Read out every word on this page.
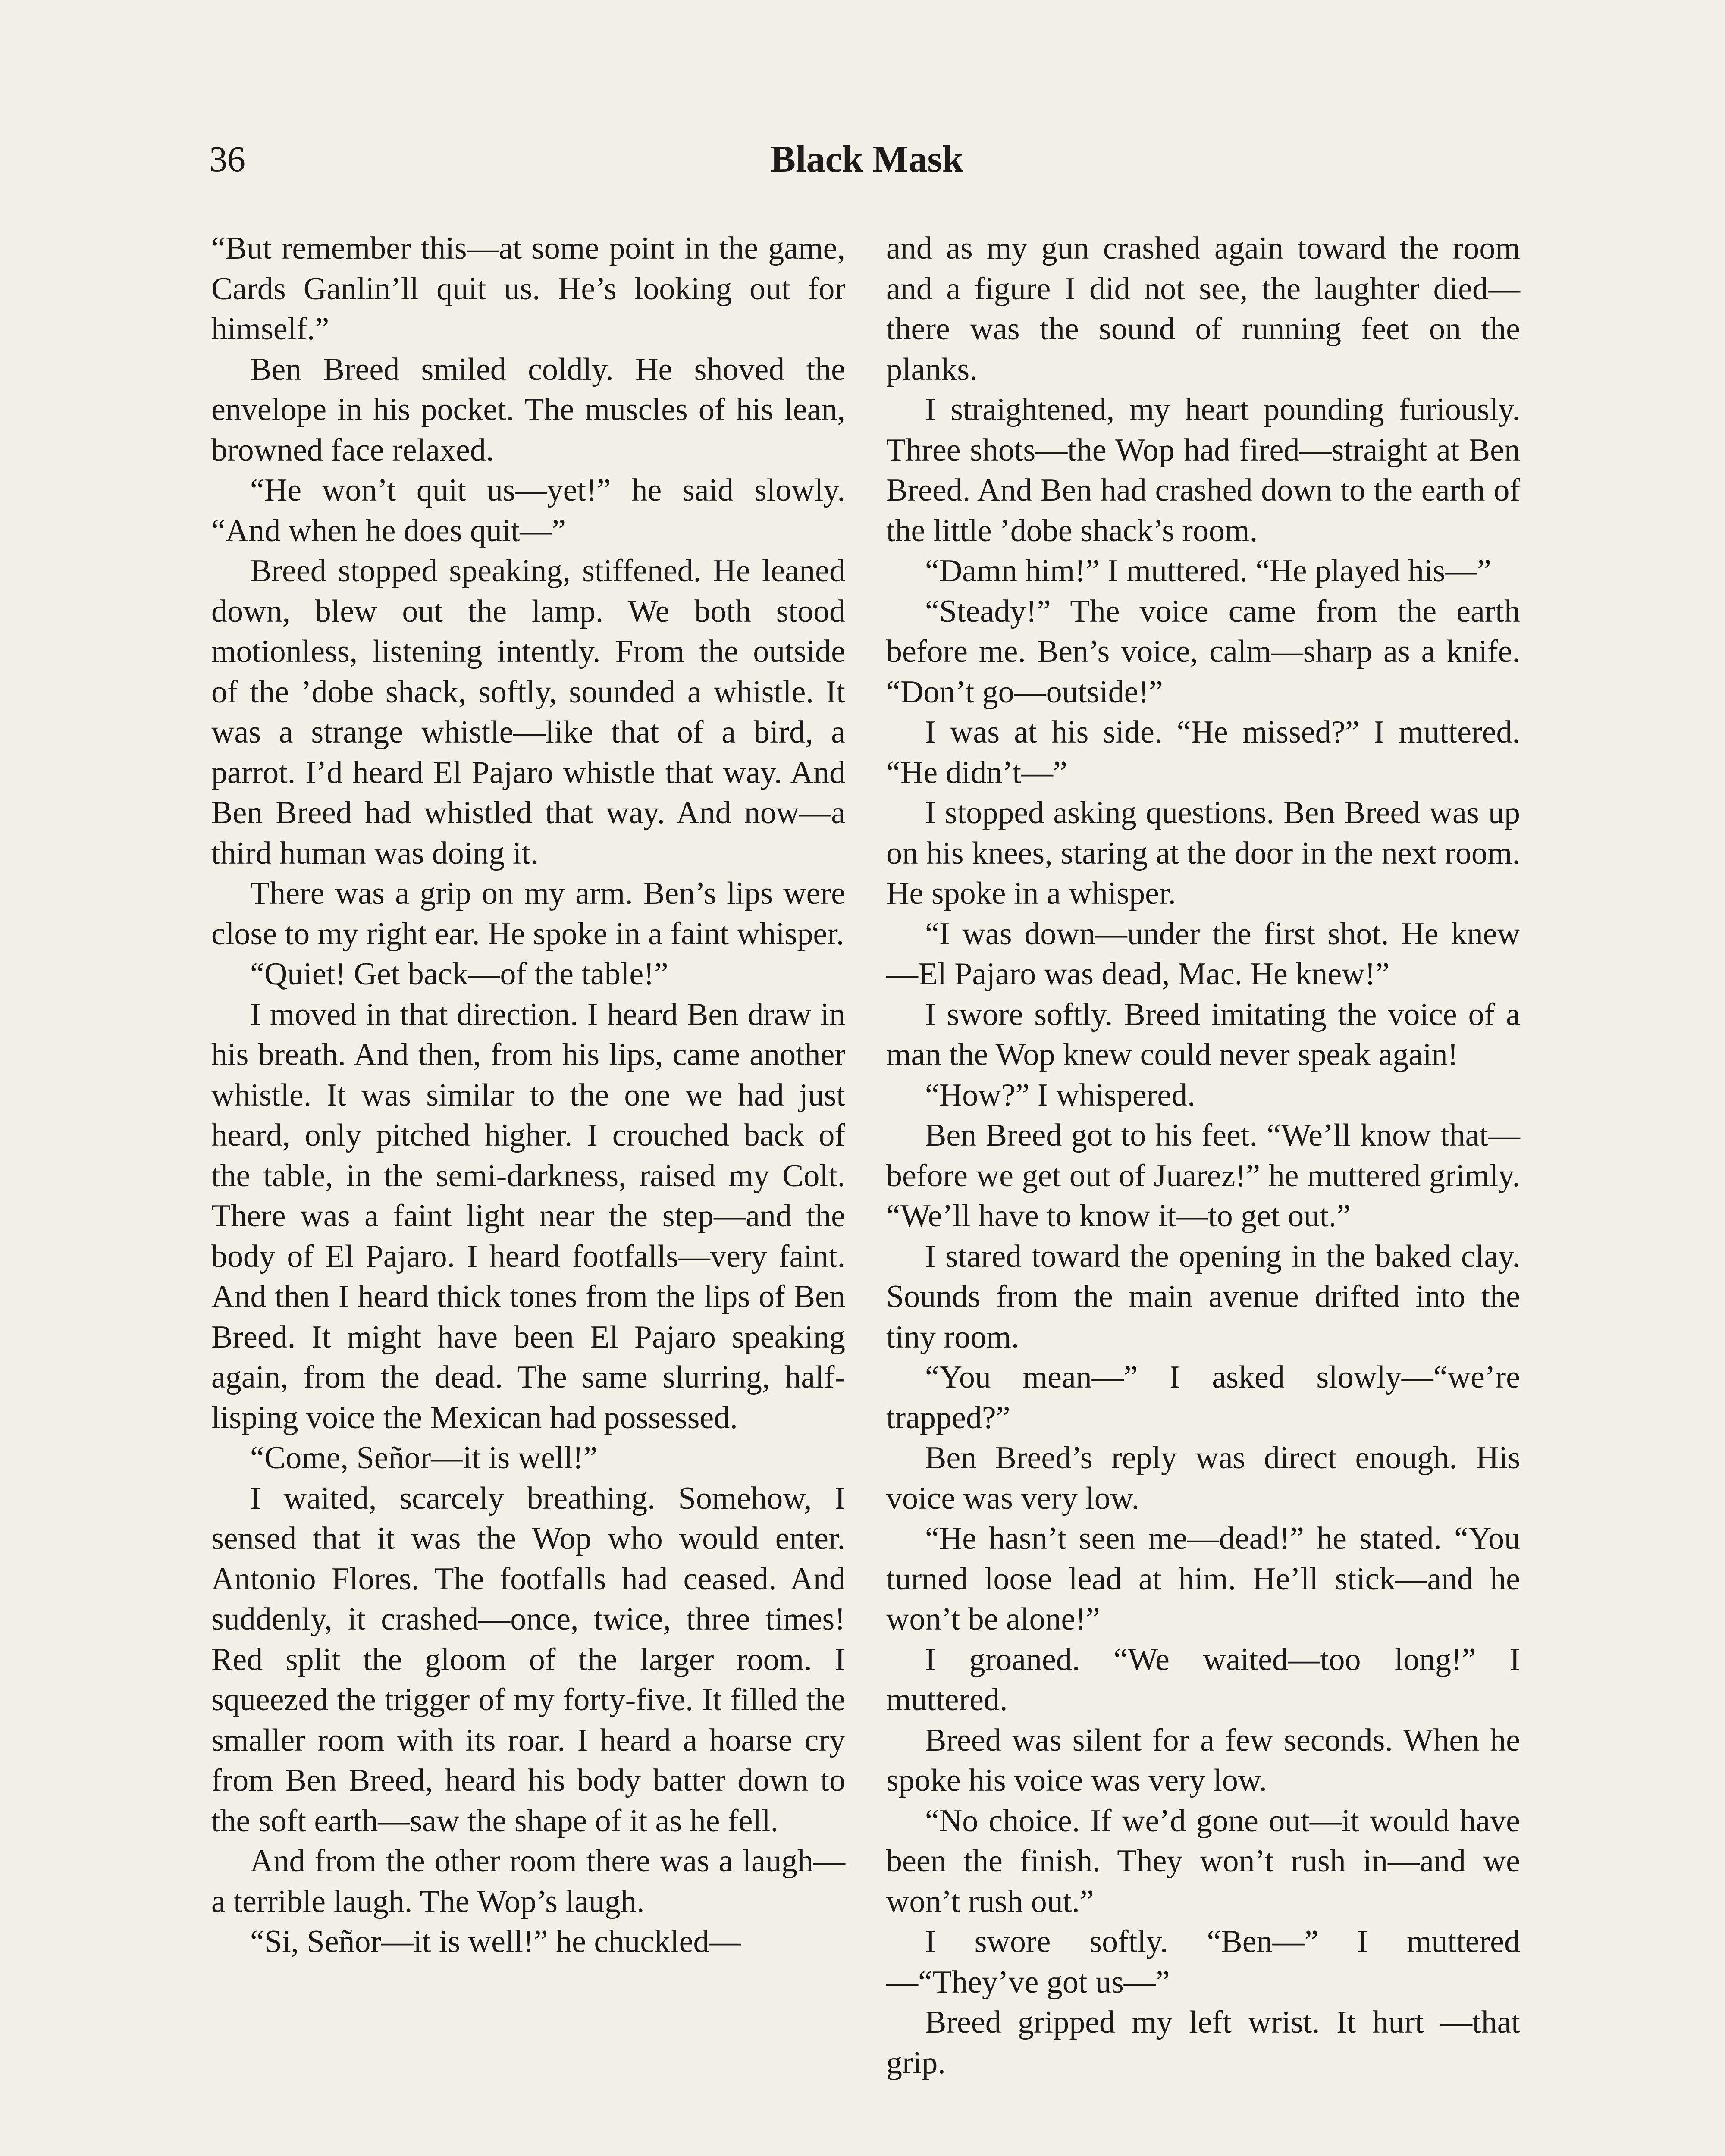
36	Black Mask

“But remember this—at some point in the game, Cards Ganlin’ll quit us. He’s looking out for himself.”

Ben Breed smiled coldly. He shoved the envelope in his pocket. The muscles of his lean, browned face relaxed.

“He won’t quit us—yet!” he said slowly. “And when he does quit—”

Breed stopped speaking, stiffened. He leaned down, blew out the lamp. We both stood motionless, listening intently. From the outside of the ’dobe shack, softly, sounded a whistle. It was a strange whistle—like that of a bird, a parrot. I’d heard El Pajaro whistle that way. And Ben Breed had whistled that way. And now—a third human was doing it.

There was a grip on my arm. Ben’s lips were close to my right ear. He spoke in a faint whisper.

“Quiet! Get back—of the table!”

I moved in that direction. I heard Ben draw in his breath. And then, from his lips, came another whistle. It was similar to the one we had just heard, only pitched higher. I crouched back of the table, in the semi-darkness, raised my Colt. There was a faint light near the step—and the body of El Pajaro. I heard footfalls—very faint. And then I heard thick tones from the lips of Ben Breed. It might have been El Pajaro speaking again, from the dead. The same slurring, half-lisping voice the Mexican had possessed.

“Come, Señor—it is well!”

I waited, scarcely breathing. Somehow, I sensed that it was the Wop who would enter. Antonio Flores. The footfalls had ceased. And suddenly, it crashed—once, twice, three times! Red split the gloom of the larger room. I squeezed the trigger of my forty-five. It filled the smaller room with its roar. I heard a hoarse cry from Ben Breed, heard his body batter down to the soft earth—saw the shape of it as he fell.

And from the other room there was a laugh—a terrible laugh. The Wop’s laugh.

“Si, Señor—it is well!” he chuckled—

and as my gun crashed again toward the room and a figure I did not see, the laughter died—there was the sound of running feet on the planks.

I straightened, my heart pounding furiously. Three shots—the Wop had fired—straight at Ben Breed. And Ben had crashed down to the earth of the little ’dobe shack’s room.

“Damn him!” I muttered. “He played his—”

“Steady!” The voice came from the earth before me. Ben’s voice, calm—sharp as a knife. “Don’t go—outside!”

I was at his side. “He missed?” I muttered. “He didn’t—”

I stopped asking questions. Ben Breed was up on his knees, staring at the door in the next room. He spoke in a whisper.

“I was down—under the first shot. He knew—El Pajaro was dead, Mac. He knew!”

I swore softly. Breed imitating the voice of a man the Wop knew could never speak again!

“How?” I whispered.

Ben Breed got to his feet. “We’ll know that—before we get out of Juarez!” he muttered grimly. “We’ll have to know it—to get out.”

I stared toward the opening in the baked clay. Sounds from the main avenue drifted into the tiny room.

“You mean—” I asked slowly—“we’re trapped?”

Ben Breed’s reply was direct enough. His voice was very low.

“He hasn’t seen me—dead!” he stated. “You turned loose lead at him. He’ll stick—and he won’t be alone!”

I groaned. “We waited—too long!” I muttered.

Breed was silent for a few seconds. When he spoke his voice was very low.

“No choice. If we’d gone out—it would have been the finish. They won’t rush in—and we won’t rush out.”

I swore softly. “Ben—” I muttered —“They’ve got us—”

Breed gripped my left wrist. It hurt —that grip.
